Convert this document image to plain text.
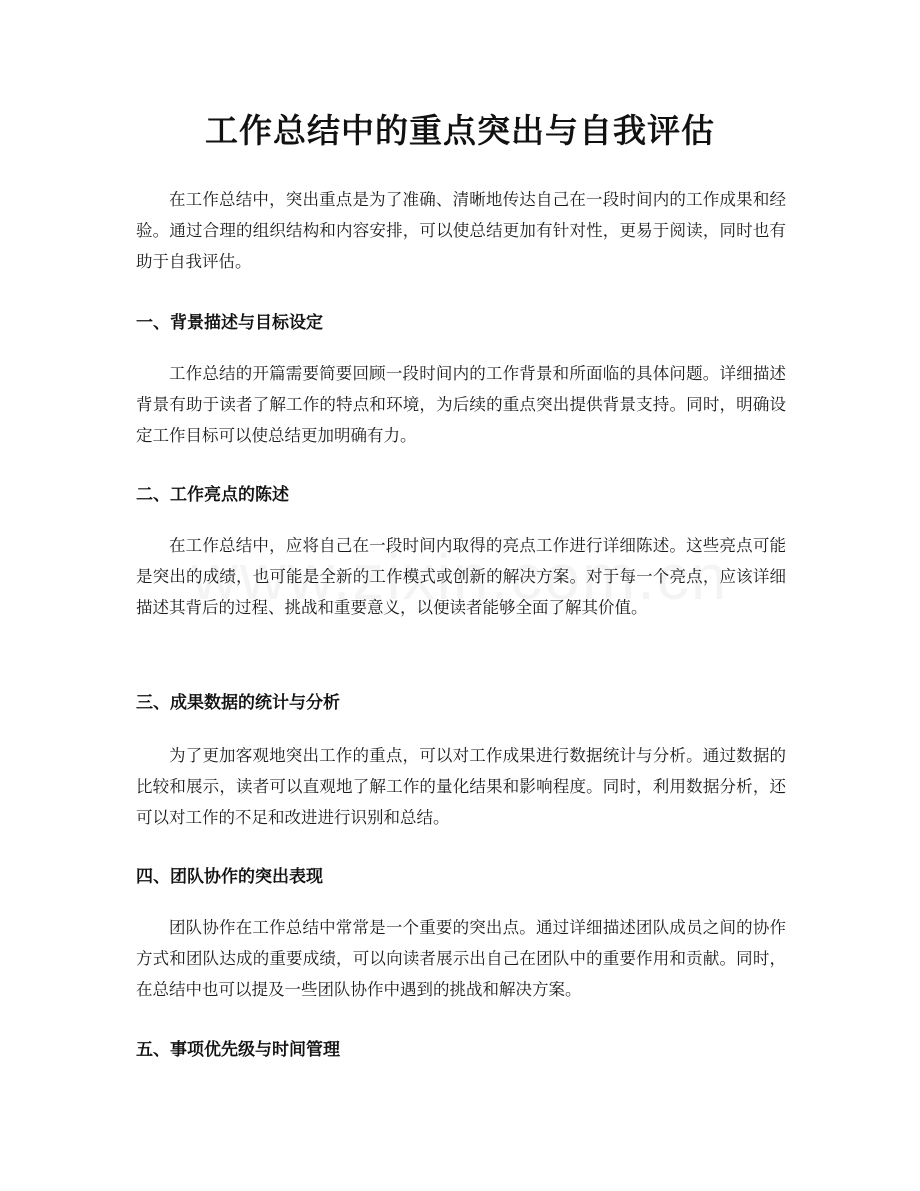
工作总结中的重点突出与自我评估

在工作总结中，突出重点是为了准确、清晰地传达自己在一段时间内的工作成果和经验。通过合理的组织结构和内容安排，可以使总结更加有针对性，更易于阅读，同时也有助于自我评估。

一、背景描述与目标设定

工作总结的开篇需要简要回顾一段时间内的工作背景和所面临的具体问题。详细描述背景有助于读者了解工作的特点和环境，为后续的重点突出提供背景支持。同时，明确设定工作目标可以使总结更加明确有力。

二、工作亮点的陈述

在工作总结中，应将自己在一段时间内取得的亮点工作进行详细陈述。这些亮点可能是突出的成绩，也可能是全新的工作模式或创新的解决方案。对于每一个亮点，应该详细描述其背后的过程、挑战和重要意义，以便读者能够全面了解其价值。

三、成果数据的统计与分析

为了更加客观地突出工作的重点，可以对工作成果进行数据统计与分析。通过数据的比较和展示，读者可以直观地了解工作的量化结果和影响程度。同时，利用数据分析，还可以对工作的不足和改进进行识别和总结。

四、团队协作的突出表现

团队协作在工作总结中常常是一个重要的突出点。通过详细描述团队成员之间的协作方式和团队达成的重要成绩，可以向读者展示出自己在团队中的重要作用和贡献。同时，在总结中也可以提及一些团队协作中遇到的挑战和解决方案。

五、事项优先级与时间管理
